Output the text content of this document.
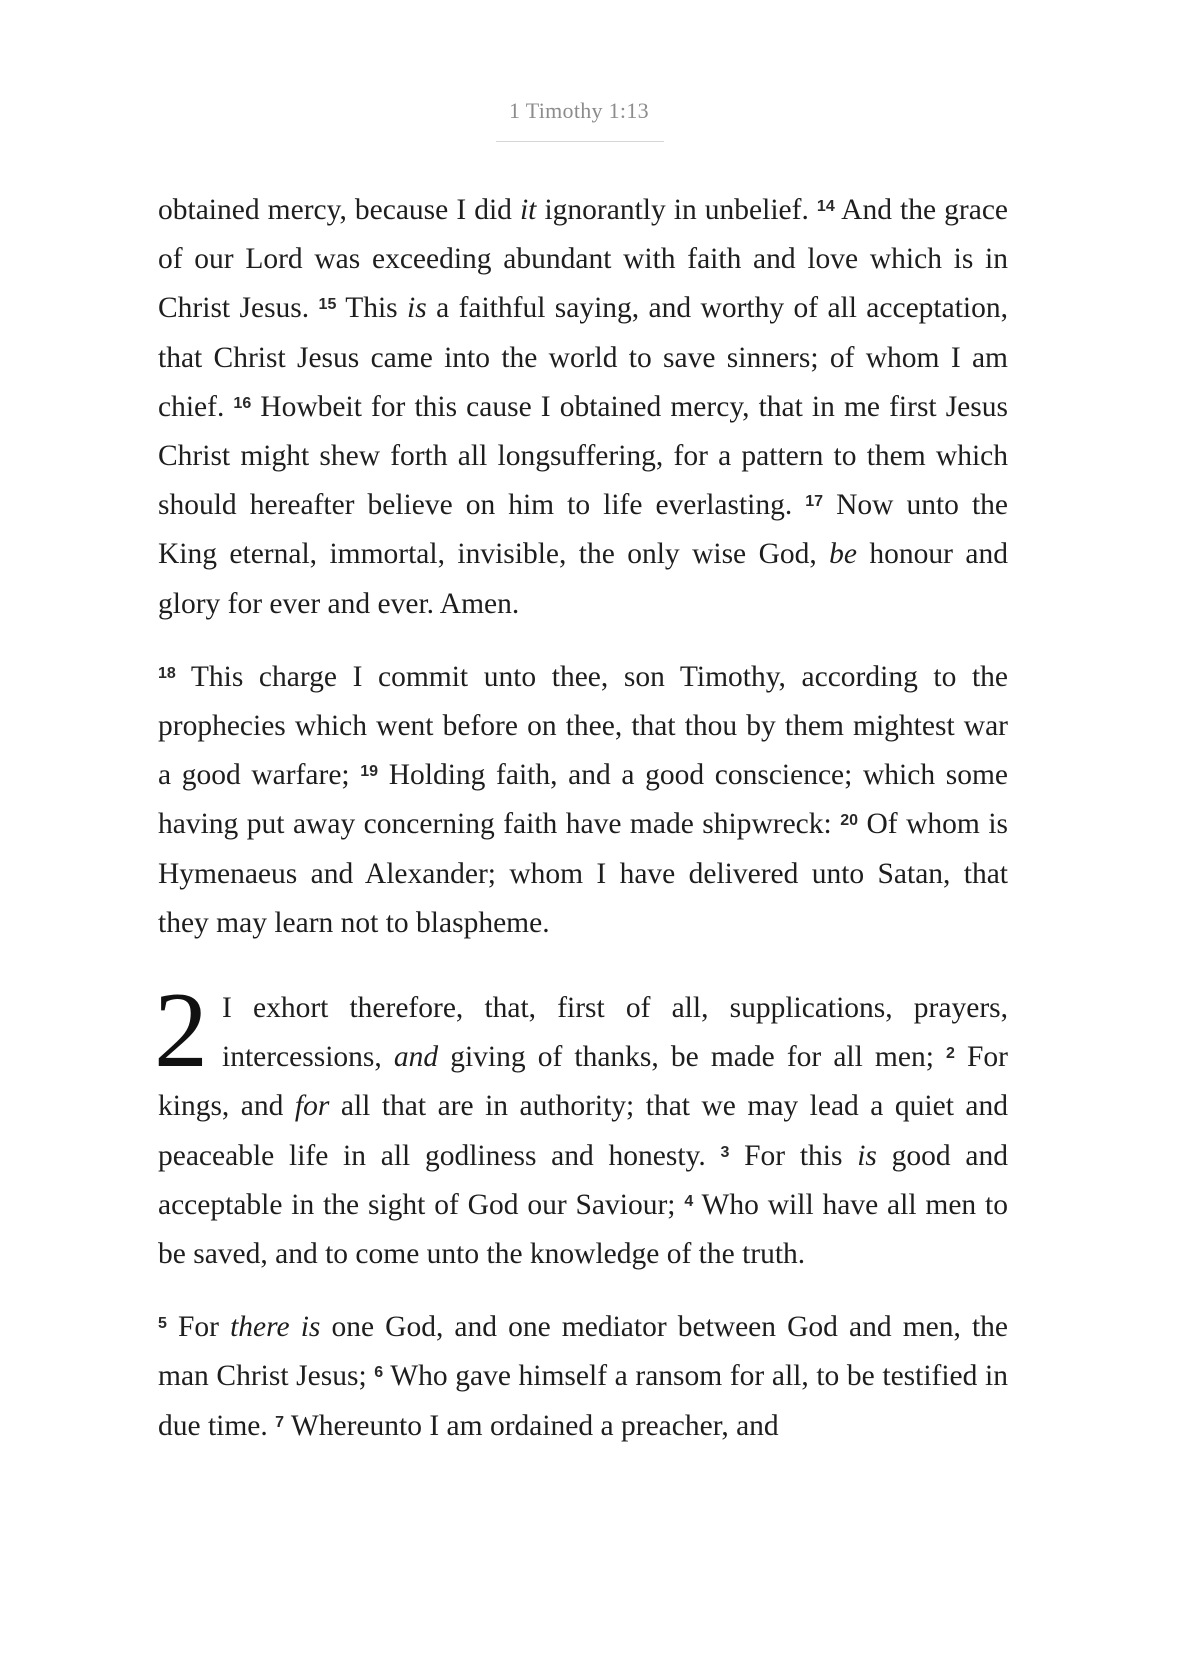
1 Timothy 1:13

obtained mercy, because I did it ignorantly in unbelief. $^{14}$ And the grace of our Lord was exceeding abundant with faith and love which is in Christ Jesus. $^{15}$ This is a faithful saying, and worthy of all acceptation, that Christ Jesus came into the world to save sinners; of whom I am chief. $^{16}$ Howbeit for this cause I obtained mercy, that in me first Jesus Christ might shew forth all longsuffering, for a pattern to them which should hereafter believe on him to life everlasting. $^{17}$ Now unto the King eternal, immortal, invisible, the only wise God, be honour and glory for ever and ever. Amen.

$^{18}$ This charge I commit unto thee, son Timothy, according to the prophecies which went before on thee, that thou by them mightest war a good warfare; $^{19}$ Holding faith, and a good conscience; which some having put away concerning faith have made shipwreck: $^{20}$ Of whom is Hymenaeus and Alexander; whom I have delivered unto Satan, that they may learn not to blaspheme.

2 I exhort therefore, that, first of all, supplications, prayers, intercessions, and giving of thanks, be made for all men; $^2$ For kings, and for all that are in authority; that we may lead a quiet and peaceable life in all godliness and honesty. $^3$ For this is good and acceptable in the sight of God our Saviour; $^4$ Who will have all men to be saved, and to come unto the knowledge of the truth.

$^5$ For there is one God, and one mediator between God and men, the man Christ Jesus; $^6$ Who gave himself a ransom for all, to be testified in due time. $^7$ Whereunto I am ordained a preacher, and
